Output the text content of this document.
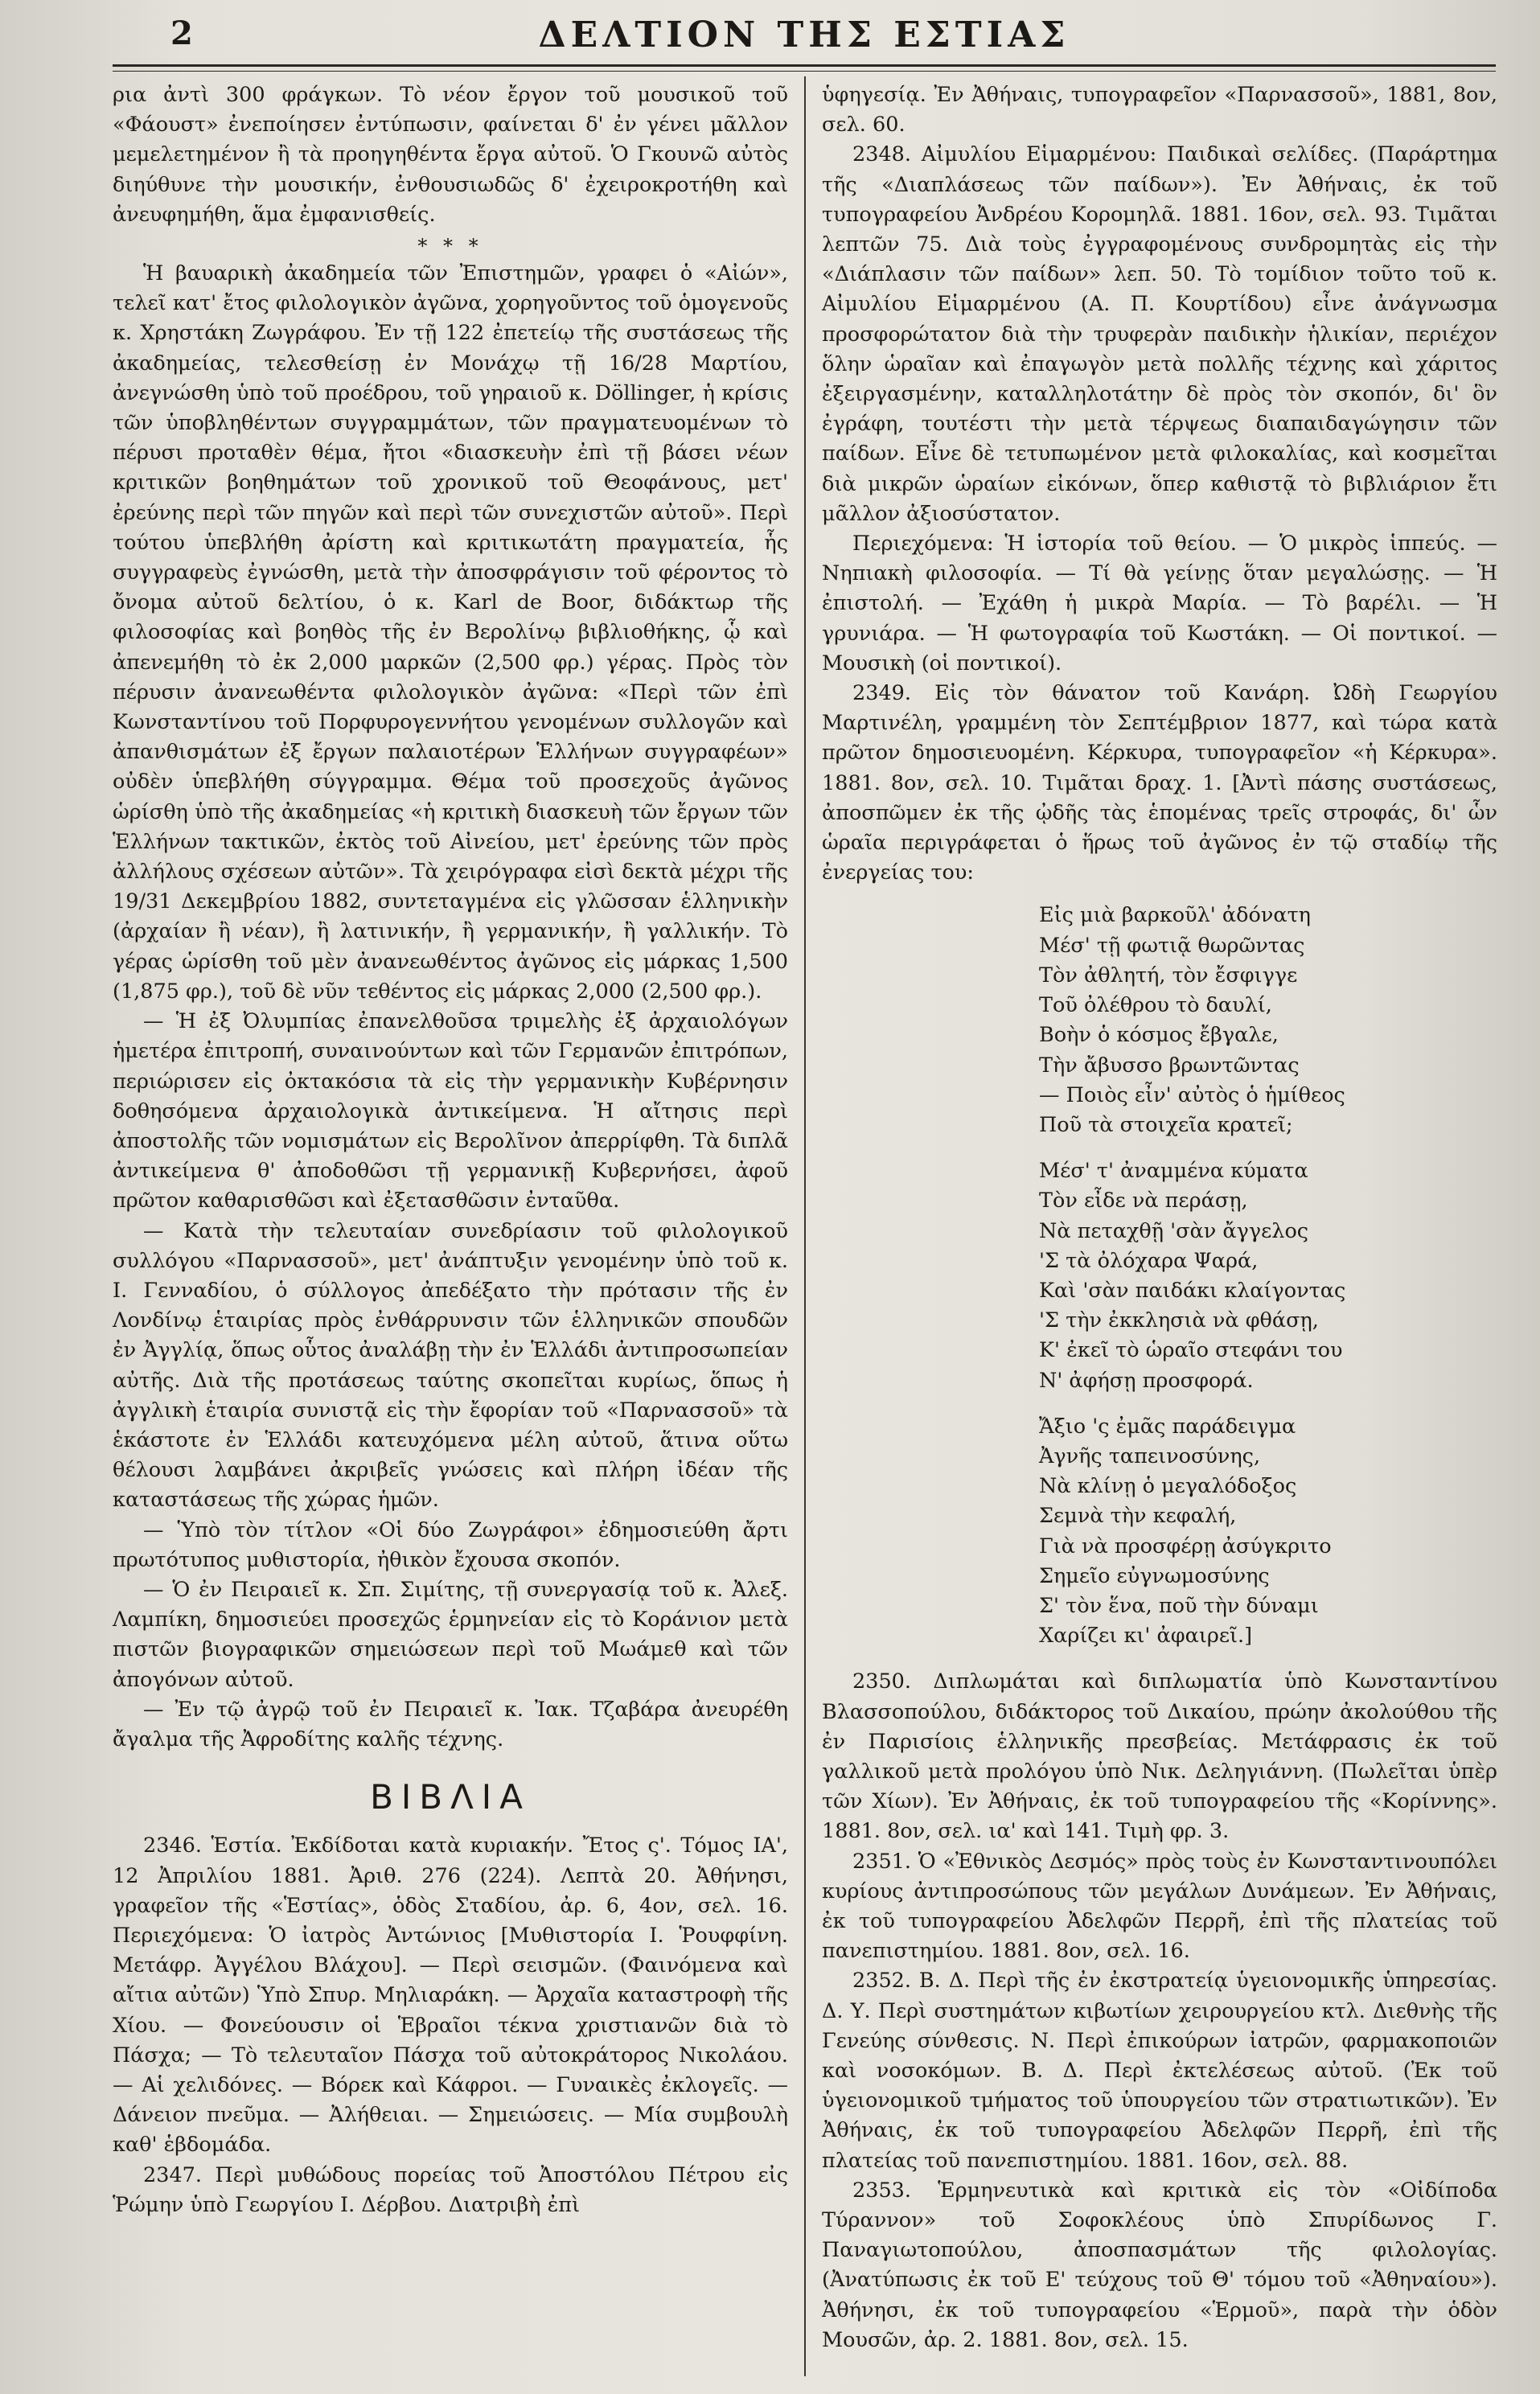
2	ΔΕΛΤΙΟΝ ΤΗΣ ΕΣΤΙΑΣ

ρια ἀντὶ 300 φράγκων. Τὸ νέον ἔργον τοῦ μουσικοῦ τοῦ «Φάουστ» ἐνεποίησεν ἐντύπωσιν, φαίνεται δ' ἐν γένει μᾶλλον μεμελετημένον ἢ τὰ προηγηθέντα ἔργα αὐτοῦ. Ὁ Γκουνῶ αὐτὸς διηύθυνε τὴν μουσικήν, ἐνθουσιωδῶς δ' ἐχειροκροτήθη καὶ ἀνευφημήθη, ἅμα ἐμφανισθείς.

* * *

Ἡ βαυαρικὴ ἀκαδημεία τῶν Ἐπιστημῶν, γραφει ὁ «Αἰών», τελεῖ κατ' ἔτος φιλολογικὸν ἀγῶνα, χορηγοῦντος τοῦ ὁμογενοῦς κ. Χρηστάκη Ζωγράφου. Ἐν τῇ 122 ἐπετείῳ τῆς συστάσεως τῆς ἀκαδημείας, τελεσθείσῃ ἐν Μονάχῳ τῇ 16/28 Μαρτίου, ἀνεγνώσθη ὑπὸ τοῦ προέδρου, τοῦ γηραιοῦ κ. Döllinger, ἡ κρίσις τῶν ὑποβληθέντων συγγραμμάτων, τῶν πραγματευομένων τὸ πέρυσι προταθὲν θέμα, ἤτοι «διασκευὴν ἐπὶ τῇ βάσει νέων κριτικῶν βοηθημάτων τοῦ χρονικοῦ τοῦ Θεοφάνους, μετ' ἐρεύνης περὶ τῶν πηγῶν καὶ περὶ τῶν συνεχιστῶν αὐτοῦ». Περὶ τούτου ὑπεβλήθη ἀρίστη καὶ κριτικωτάτη πραγματεία, ἧς συγγραφεὺς ἐγνώσθη, μετὰ τὴν ἀποσφράγισιν τοῦ φέροντος τὸ ὄνομα αὐτοῦ δελτίου, ὁ κ. Karl de Boor, διδάκτωρ τῆς φιλοσοφίας καὶ βοηθὸς τῆς ἐν Βερολίνῳ βιβλιοθήκης, ᾧ καὶ ἀπενεμήθη τὸ ἐκ 2,000 μαρκῶν (2,500 φρ.) γέρας. Πρὸς τὸν πέρυσιν ἀνανεωθέντα φιλολογικὸν ἀγῶνα: «Περὶ τῶν ἐπὶ Κωνσταντίνου τοῦ Πορφυρογεννήτου γενομένων συλλογῶν καὶ ἀπανθισμάτων ἐξ ἔργων παλαιοτέρων Ἑλλήνων συγγραφέων» οὐδὲν ὑπεβλήθη σύγγραμμα. Θέμα τοῦ προσεχοῦς ἀγῶνος ὡρίσθη ὑπὸ τῆς ἀκαδημείας «ἡ κριτικὴ διασκευὴ τῶν ἔργων τῶν Ἑλλήνων τακτικῶν, ἐκτὸς τοῦ Αἰνείου, μετ' ἐρεύνης τῶν πρὸς ἀλλήλους σχέσεων αὐτῶν». Τὰ χειρόγραφα εἰσὶ δεκτὰ μέχρι τῆς 19/31 Δεκεμβρίου 1882, συντεταγμένα εἰς γλῶσσαν ἑλληνικὴν (ἀρχαίαν ἢ νέαν), ἢ λατινικήν, ἢ γερμανικήν, ἢ γαλλικήν. Τὸ γέρας ὡρίσθη τοῦ μὲν ἀνανεωθέντος ἀγῶνος εἰς μάρκας 1,500 (1,875 φρ.), τοῦ δὲ νῦν τεθέντος εἰς μάρκας 2,000 (2,500 φρ.).

— Ἡ ἐξ Ὀλυμπίας ἐπανελθοῦσα τριμελὴς ἐξ ἀρχαιολόγων ἡμετέρα ἐπιτροπή, συναινούντων καὶ τῶν Γερμανῶν ἐπιτρόπων, περιώρισεν εἰς ὀκτακόσια τὰ εἰς τὴν γερμανικὴν Κυβέρνησιν δοθησόμενα ἀρχαιολογικὰ ἀντικείμενα. Ἡ αἴτησις περὶ ἀποστολῆς τῶν νομισμάτων εἰς Βερολῖνον ἀπερρίφθη. Τὰ διπλᾶ ἀντικείμενα θ' ἀποδοθῶσι τῇ γερμανικῇ Κυβερνήσει, ἀφοῦ πρῶτον καθαρισθῶσι καὶ ἐξετασθῶσιν ἐνταῦθα.

— Κατὰ τὴν τελευταίαν συνεδρίασιν τοῦ φιλολογικοῦ συλλόγου «Παρνασσοῦ», μετ' ἀνάπτυξιν γενομένην ὑπὸ τοῦ κ. Ι. Γενναδίου, ὁ σύλλογος ἀπεδέξατο τὴν πρότασιν τῆς ἐν Λονδίνῳ ἑταιρίας πρὸς ἐνθάρρυνσιν τῶν ἑλληνικῶν σπουδῶν ἐν Ἀγγλίᾳ, ὅπως οὗτος ἀναλάβῃ τὴν ἐν Ἑλλάδι ἀντιπροσωπείαν αὐτῆς. Διὰ τῆς προτάσεως ταύτης σκοπεῖται κυρίως, ὅπως ἡ ἀγγλικὴ ἑταιρία συνιστᾷ εἰς τὴν ἔφορίαν τοῦ «Παρνασσοῦ» τὰ ἑκάστοτε ἐν Ἑλλάδι κατευχόμενα μέλη αὐτοῦ, ἅτινα οὕτω θέλουσι λαμβάνει ἀκριβεῖς γνώσεις καὶ πλήρη ἰδέαν τῆς καταστάσεως τῆς χώρας ἡμῶν.

— Ὑπὸ τὸν τίτλον «Οἱ δύο Ζωγράφοι» ἐδημοσιεύθη ἄρτι πρωτότυπος μυθιστορία, ἠθικὸν ἔχουσα σκοπόν.

— Ὁ ἐν Πειραιεῖ κ. Σπ. Σιμίτης, τῇ συνεργασίᾳ τοῦ κ. Ἀλεξ. Λαμπίκη, δημοσιεύει προσεχῶς ἑρμηνείαν εἰς τὸ Κοράνιον μετὰ πιστῶν βιογραφικῶν σημειώσεων περὶ τοῦ Μωάμεθ καὶ τῶν ἀπογόνων αὐτοῦ.

— Ἐν τῷ ἀγρῷ τοῦ ἐν Πειραιεῖ κ. Ἰακ. Τζαβάρα ἀνευρέθη ἄγαλμα τῆς Ἀφροδίτης καλῆς τέχνης.

ΒΙΒΛΙΑ

2346. Ἑστία. Ἐκδίδοται κατὰ κυριακήν. Ἔτος ς'. Τόμος ΙΑ', 12 Ἀπριλίου 1881. Ἀριθ. 276 (224). Λεπτὰ 20. Ἀθήνησι, γραφεῖον τῆς «Ἑστίας», ὁδὸς Σταδίου, ἀρ. 6, 4ον, σελ. 16. Περιεχόμενα: Ὁ ἰατρὸς Ἀντώνιος [Μυθιστορία Ι. Ῥουφφίνη. Μετάφρ. Ἀγγέλου Βλάχου]. — Περὶ σεισμῶν. (Φαινόμενα καὶ αἴτια αὐτῶν) Ὑπὸ Σπυρ. Μηλιαράκη. — Ἀρχαῖα καταστροφὴ τῆς Χίου. — Φονεύουσιν οἱ Ἑβραῖοι τέκνα χριστιανῶν διὰ τὸ Πάσχα; — Τὸ τελευταῖον Πάσχα τοῦ αὐτοκράτορος Νικολάου. — Αἱ χελιδόνες. — Βόρεκ καὶ Κάφροι. — Γυναικὲς ἐκλογεῖς. — Δάνειον πνεῦμα. — Ἀλήθειαι. — Σημειώσεις. — Μία συμβουλὴ καθ' ἑβδομάδα.

2347. Περὶ μυθώδους πορείας τοῦ Ἀποστόλου Πέτρου εἰς Ῥώμην ὑπὸ Γεωργίου Ι. Δέρβου. Διατριβὴ ἐπὶ

ὑφηγεσίᾳ. Ἐν Ἀθήναις, τυπογραφεῖον «Παρνασσοῦ», 1881, 8ον, σελ. 60.

2348. Αἰμυλίου Εἱμαρμένου: Παιδικαὶ σελίδες. (Παράρτημα τῆς «Διαπλάσεως τῶν παίδων»). Ἐν Ἀθήναις, ἐκ τοῦ τυπογραφείου Ἀνδρέου Κορομηλᾶ. 1881. 16ον, σελ. 93. Τιμᾶται λεπτῶν 75. Διὰ τοὺς ἐγγραφομένους συνδρομητὰς εἰς τὴν «Διάπλασιν τῶν παίδων» λεπ. 50. Τὸ τομίδιον τοῦτο τοῦ κ. Αἰμυλίου Εἱμαρμένου (Α. Π. Κουρτίδου) εἶνε ἀνάγνωσμα προσφορώτατον διὰ τὴν τρυφερὰν παιδικὴν ἡλικίαν, περιέχον ὅλην ὡραῖαν καὶ ἐπαγωγὸν μετὰ πολλῆς τέχνης καὶ χάριτος ἐξειργασμένην, καταλληλοτάτην δὲ πρὸς τὸν σκοπόν, δι' ὃν ἐγράφη, τουτέστι τὴν μετὰ τέρψεως διαπαιδαγώγησιν τῶν παίδων. Εἶνε δὲ τετυπωμένον μετὰ φιλοκαλίας, καὶ κοσμεῖται διὰ μικρῶν ὡραίων εἰκόνων, ὅπερ καθιστᾷ τὸ βιβλιάριον ἔτι μᾶλλον ἀξιοσύστατον.

Περιεχόμενα: Ἡ ἱστορία τοῦ θείου. — Ὁ μικρὸς ἱππεύς. — Νηπιακὴ φιλοσοφία. — Τί θὰ γείνῃς ὅταν μεγαλώσῃς. — Ἡ ἐπιστολή. — Ἐχάθη ἡ μικρὰ Μαρία. — Τὸ βαρέλι. — Ἡ γρυνιάρα. — Ἡ φωτογραφία τοῦ Κωστάκη. — Οἱ ποντικοί. — Μουσικὴ (οἱ ποντικοί).

2349. Εἰς τὸν θάνατον τοῦ Κανάρη. Ὠδὴ Γεωργίου Μαρτινέλη, γραμμένη τὸν Σεπτέμβριον 1877, καὶ τώρα κατὰ πρῶτον δημοσιευομένη. Κέρκυρα, τυπογραφεῖον «ἡ Κέρκυρα». 1881. 8ον, σελ. 10. Τιμᾶται δραχ. 1. [Ἀντὶ πάσης συστάσεως, ἀποσπῶμεν ἐκ τῆς ᾠδῆς τὰς ἑπομένας τρεῖς στροφάς, δι' ὧν ὡραῖα περιγράφεται ὁ ἥρως τοῦ ἀγῶνος ἐν τῷ σταδίῳ τῆς ἐνεργείας του:

Εἰς μιὰ βαρκοῦλ' ἀδόνατη
Μέσ' τῇ φωτιᾷ θωρῶντας
Τὸν ἀθλητή, τὸν ἔσφιγγε
Τοῦ ὀλέθρου τὸ δαυλί,
Βοὴν ὁ κόσμος ἔβγαλε,
Τὴν ἄβυσσο βρωντῶντας
— Ποιὸς εἶν' αὐτὸς ὁ ἡμίθεος
Ποῦ τὰ στοιχεῖα κρατεῖ;
Μέσ' τ' ἀναμμένα κύματα
Τὸν εἶδε νὰ περάσῃ,
Νὰ πεταχθῇ 'σὰν ἄγγελος
'Σ τὰ ὀλόχαρα Ψαρά,
Καὶ 'σὰν παιδάκι κλαίγοντας
'Σ τὴν ἐκκλησιὰ νὰ φθάσῃ,
Κ' ἐκεῖ τὸ ὡραῖο στεφάνι του
Ν' ἀφήσῃ προσφορά.
Ἄξιο 'ς ἐμᾶς παράδειγμα
Ἀγνῆς ταπεινοσύνης,
Νὰ κλίνῃ ὁ μεγαλόδοξος
Σεμνὰ τὴν κεφαλή,
Γιὰ νὰ προσφέρῃ ἀσύγκριτο
Σημεῖο εὐγνωμοσύνης
Σ' τὸν ἕνα, ποῦ τὴν δύναμι
Χαρίζει κι' ἀφαιρεῖ.]

2350. Διπλωμάται καὶ διπλωματία ὑπὸ Κωνσταντίνου Βλασσοπούλου, διδάκτορος τοῦ Δικαίου, πρώην ἀκολούθου τῆς ἐν Παρισίοις ἑλληνικῆς πρεσβείας. Μετάφρασις ἐκ τοῦ γαλλικοῦ μετὰ προλόγου ὑπὸ Νικ. Δεληγιάννη. (Πωλεῖται ὑπὲρ τῶν Χίων). Ἐν Ἀθήναις, ἐκ τοῦ τυπογραφείου τῆς «Κορίννης». 1881. 8ον, σελ. ια' καὶ 141. Τιμὴ φρ. 3.

2351. Ὁ «Ἐθνικὸς Δεσμός» πρὸς τοὺς ἐν Κωνσταντινουπόλει κυρίους ἀντιπροσώπους τῶν μεγάλων Δυνάμεων. Ἐν Ἀθήναις, ἐκ τοῦ τυπογραφείου Ἀδελφῶν Περρῆ, ἐπὶ τῆς πλατείας τοῦ πανεπιστημίου. 1881. 8ον, σελ. 16.

2352. Β. Δ. Περὶ τῆς ἐν ἐκστρατείᾳ ὑγειονομικῆς ὑπηρεσίας. Δ. Υ. Περὶ συστημάτων κιβωτίων χειρουργείου κτλ. Διεθνὴς τῆς Γενεύης σύνθεσις. Ν. Περὶ ἐπικούρων ἰατρῶν, φαρμακοποιῶν καὶ νοσοκόμων. Β. Δ. Περὶ ἐκτελέσεως αὐτοῦ. (Ἐκ τοῦ ὑγειονομικοῦ τμήματος τοῦ ὑπουργείου τῶν στρατιωτικῶν). Ἐν Ἀθήναις, ἐκ τοῦ τυπογραφείου Ἀδελφῶν Περρῆ, ἐπὶ τῆς πλατείας τοῦ πανεπιστημίου. 1881. 16ον, σελ. 88.

2353. Ἑρμηνευτικὰ καὶ κριτικὰ εἰς τὸν «Οἰδίποδα Τύραννον» τοῦ Σοφοκλέους ὑπὸ Σπυρίδωνος Γ. Παναγιωτοπούλου, ἀποσπασμάτων τῆς φιλολογίας. (Ἀνατύπωσις ἐκ τοῦ Ε' τεύχους τοῦ Θ' τόμου τοῦ «Ἀθηναίου»). Ἀθήνησι, ἐκ τοῦ τυπογραφείου «Ἑρμοῦ», παρὰ τὴν ὁδὸν Μουσῶν, ἀρ. 2. 1881. 8ον, σελ. 15.
